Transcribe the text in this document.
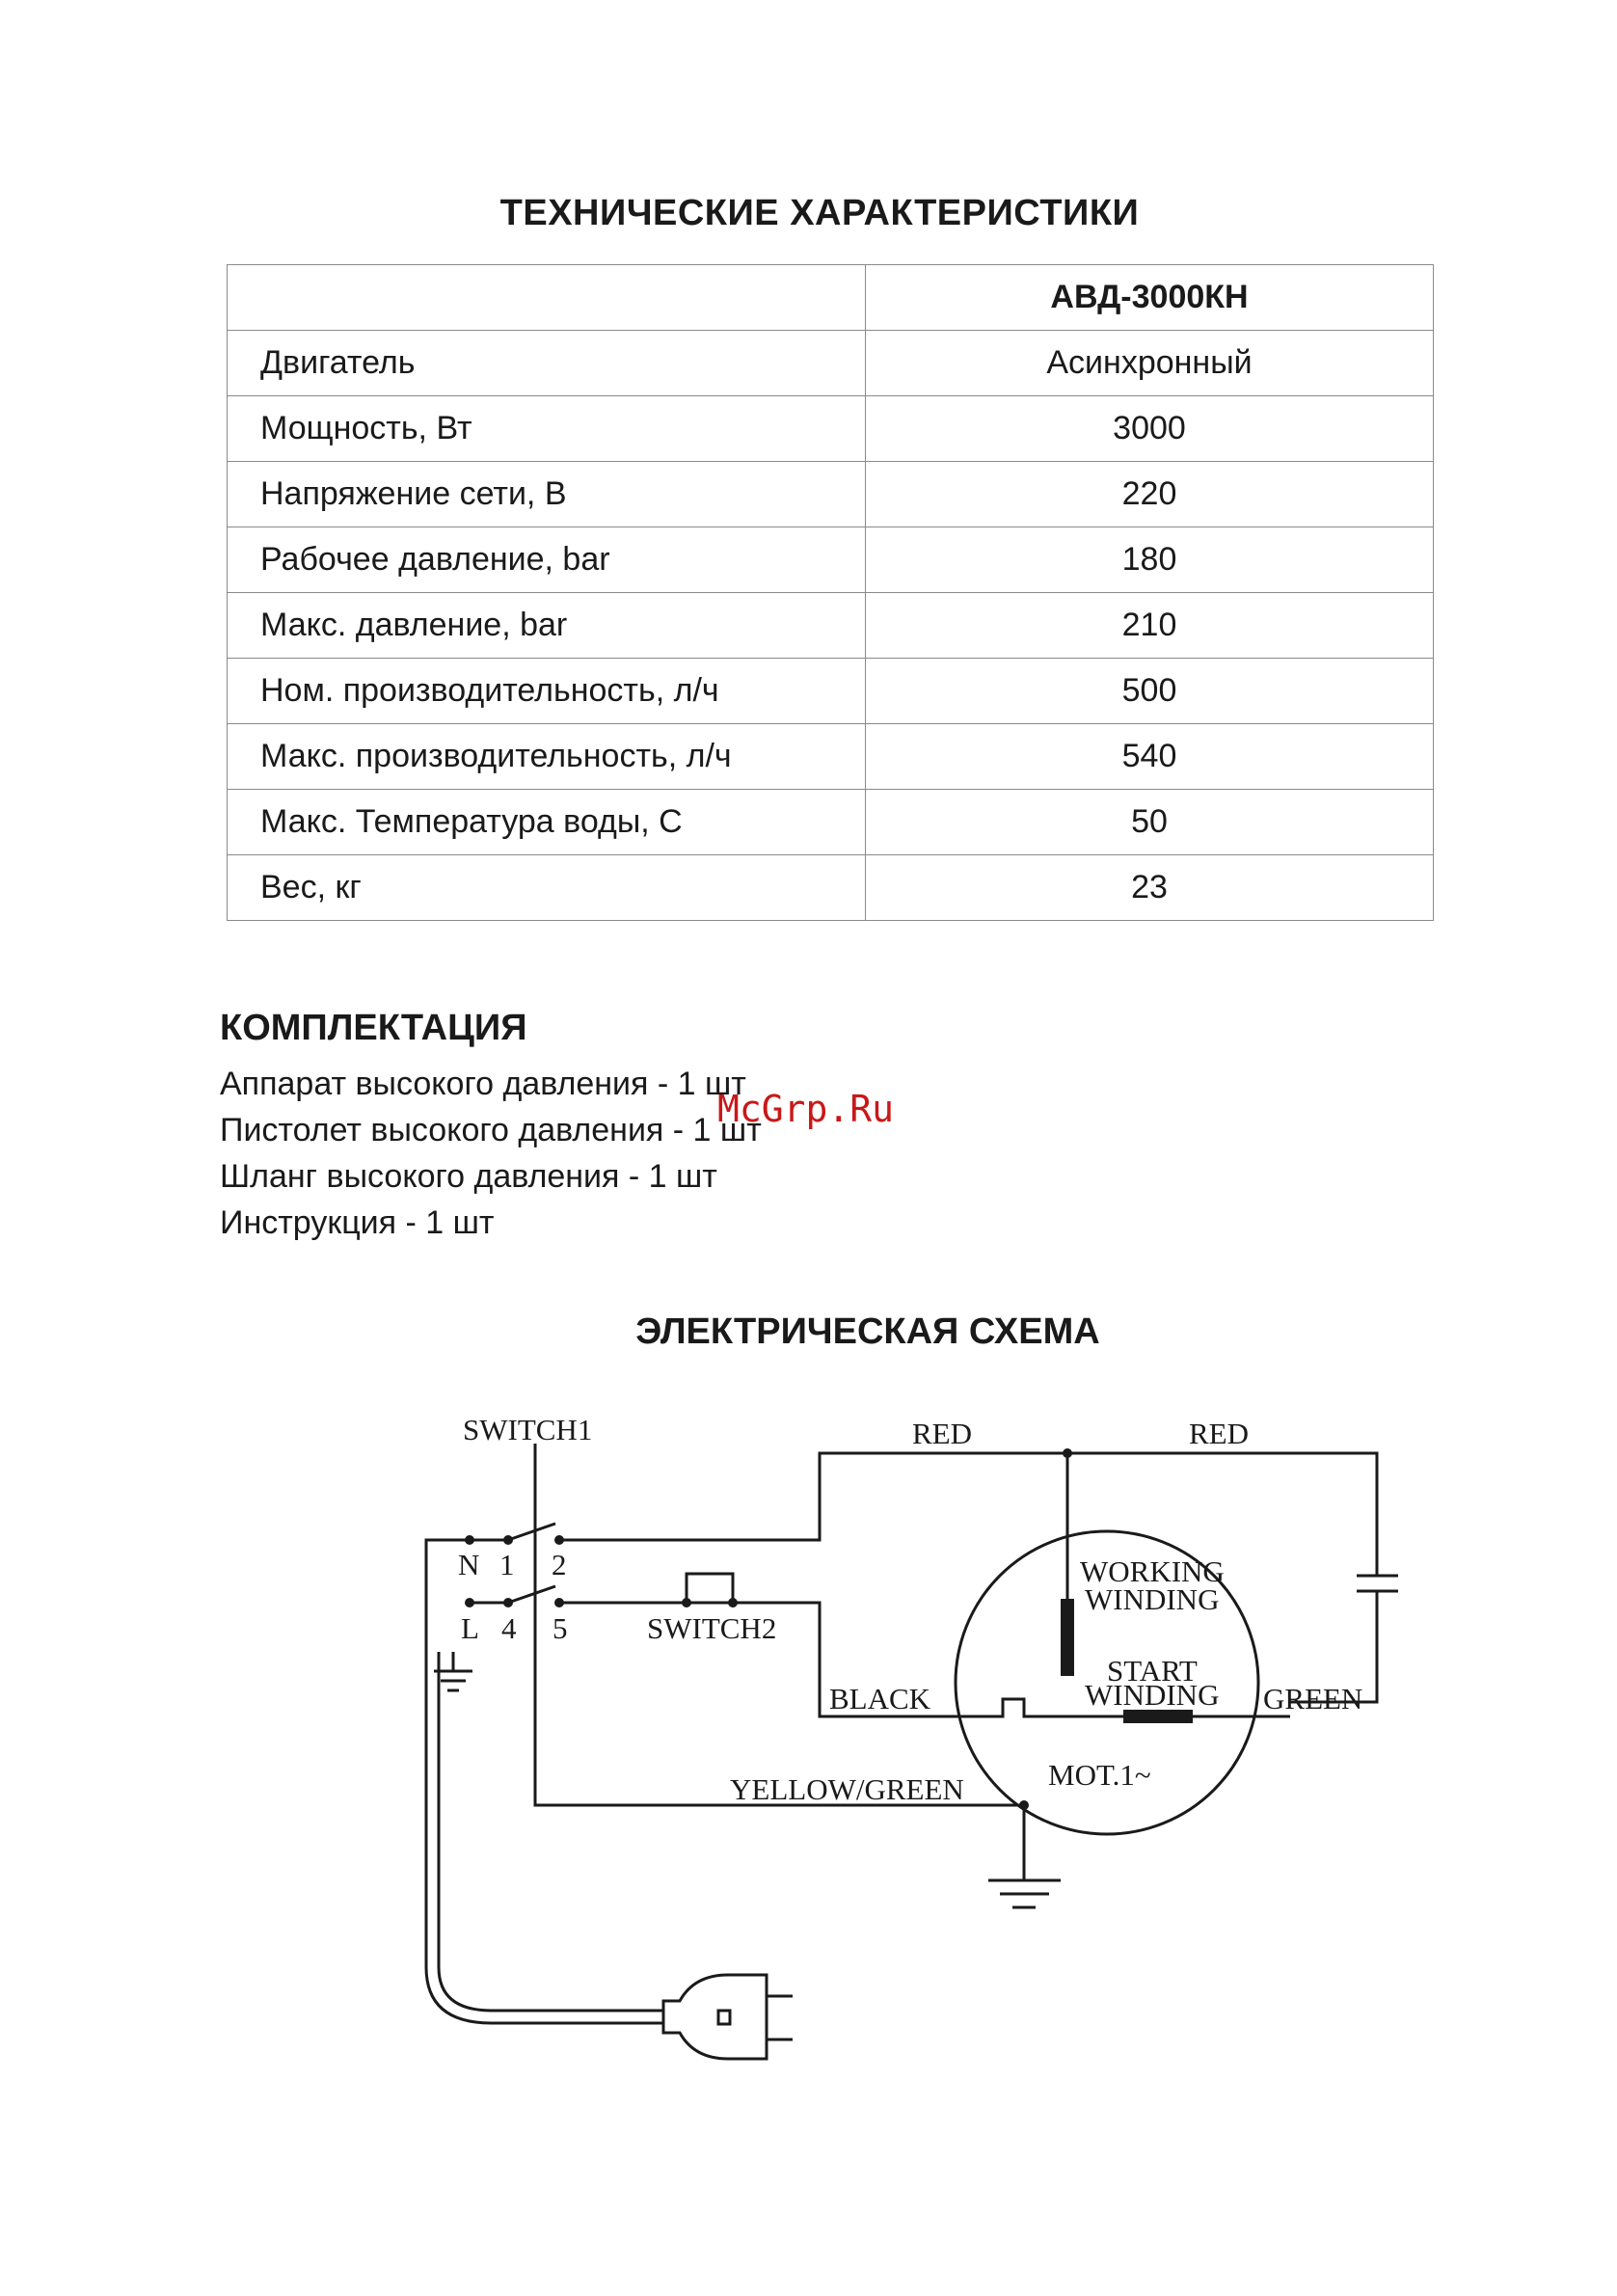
ТЕХНИЧЕСКИЕ ХАРАКТЕРИСТИКИ
	АВД-3000КН
Двигатель	Асинхронный
Мощность, Вт	3000
Напряжение сети, В	220
Рабочее давление, bar	180
Макс. давление, bar	210
Ном. производительность, л/ч	500
Макс. производительность, л/ч	540
Макс. Температура воды, С	50
Вес, кг	23
КОМПЛЕКТАЦИЯ
Аппарат высокого давления - 1 шт
Пистолет высокого давления - 1 шт
Шланг высокого давления - 1 шт
Инструкция - 1 шт
McGrp.Ru
ЭЛЕКТРИЧЕСКАЯ СХЕМА
SWITCH1	RED	RED
N 1 2
L 4 5	SWITCH2
WORKING
WINDING
START
WINDING
BLACK	GREEN
YELLOW/GREEN	MOT.1~
